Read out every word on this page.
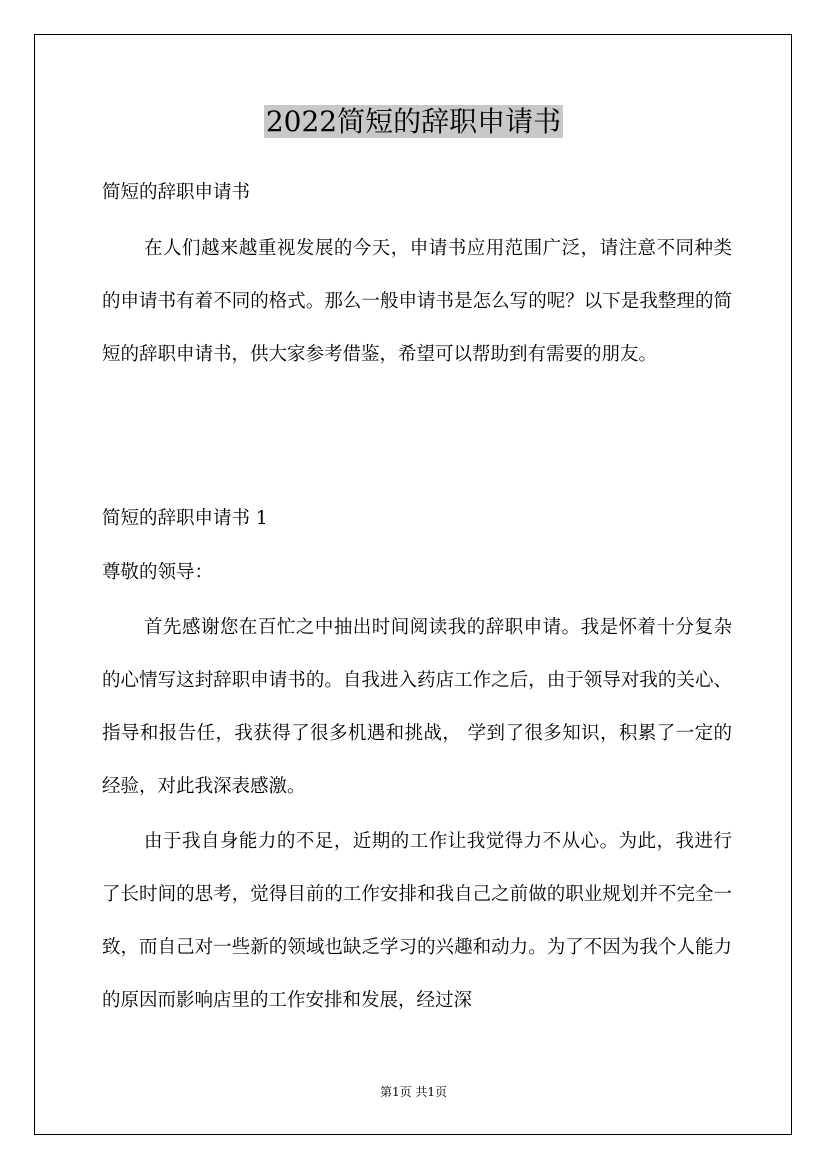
2022简短的辞职申请书

简短的辞职申请书

在人们越来越重视发展的今天，申请书应用范围广泛，请注意不同种类的申请书有着不同的格式。那么一般申请书是怎么写的呢？以下是我整理的简短的辞职申请书，供大家参考借鉴，希望可以帮助到有需要的朋友。

简短的辞职申请书 1

尊敬的领导：

首先感谢您在百忙之中抽出时间阅读我的辞职申请。我是怀着十分复杂的心情写这封辞职申请书的。自我进入药店工作之后，由于领导对我的关心、指导和报告任，我获得了很多机遇和挑战， 学到了很多知识，积累了一定的经验，对此我深表感激。

由于我自身能力的不足，近期的工作让我觉得力不从心。为此，我进行了长时间的思考，觉得目前的工作安排和我自己之前做的职业规划并不完全一致，而自己对一些新的领域也缺乏学习的兴趣和动力。为了不因为我个人能力的原因而影响店里的工作安排和发展，经过深

第1页 共1页
